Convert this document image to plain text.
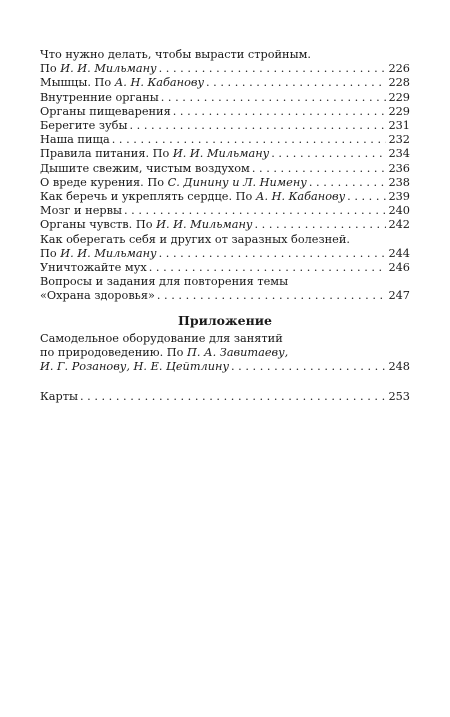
Что нужно делать, чтобы вырасти стройным.
По И. И. Мильману . . .	226
Мышцы. По А. Н. Кабанову . . .	228
Внутренние органы . . .	229
Органы пищеварения . . .	229
Берегите зубы . . .	231
Наша пища . . .	232
Правила питания. По И. И. Мильману . . .	234
Дышите свежим, чистым воздухом . . .	236
О вреде курения. По С. Динину и Л. Нимену . . .	238
Как беречь и укреплять сердце. По А. Н. Кабанову . . .	239
Мозг и нервы . . .	240
Органы чувств. По И. И. Мильману . . .	242
Как оберегать себя и других от заразных болезней.
По И. И. Мильману . . .	244
Уничтожайте мух . . .	246
Вопросы и задания для повторения темы
«Охрана здоровья» . . .	247
Приложение
Самодельное оборудование для занятий
по природоведению. По П. А. Завитаеву,
И. Г. Розанову, Н. Е. Цейтлину . . .	248
Карты . . .	253
